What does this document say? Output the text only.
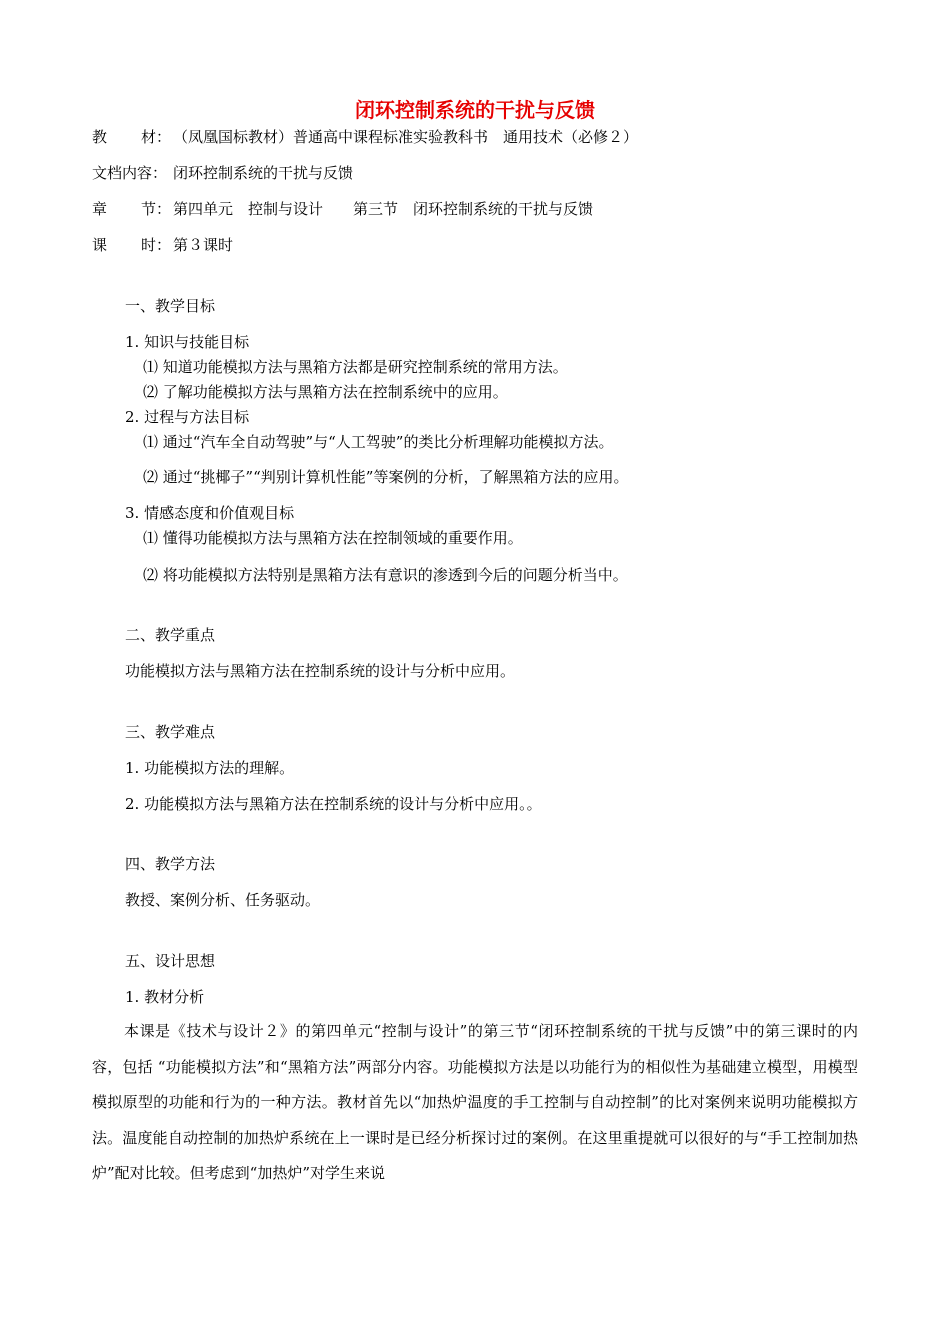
闭环控制系统的干扰与反馈
教 材： （凤凰国标教材）普通高中课程标准实验教科书　通用技术（必修２）
文档内容： 闭环控制系统的干扰与反馈
章 节： 第四单元　控制与设计　　第三节　闭环控制系统的干扰与反馈
课 时： 第３课时
一、教学目标
1. 知识与技能目标
⑴ 知道功能模拟方法与黑箱方法都是研究控制系统的常用方法。
⑵ 了解功能模拟方法与黑箱方法在控制系统中的应用。
2. 过程与方法目标
⑴ 通过“汽车全自动驾驶”与“人工驾驶”的类比分析理解功能模拟方法。
⑵ 通过“挑椰子”“判别计算机性能”等案例的分析，了解黑箱方法的应用。
3. 情感态度和价值观目标
⑴ 懂得功能模拟方法与黑箱方法在控制领域的重要作用。
⑵ 将功能模拟方法特别是黑箱方法有意识的渗透到今后的问题分析当中。
二、教学重点
功能模拟方法与黑箱方法在控制系统的设计与分析中应用。
三、教学难点
1. 功能模拟方法的理解。
2. 功能模拟方法与黑箱方法在控制系统的设计与分析中应用。。
四、教学方法
教授、案例分析、任务驱动。
五、设计思想
1. 教材分析
本课是《技术与设计２》的第四单元“控制与设计”的第三节“闭环控制系统的干扰与反馈”中的第三课时的内容，包括 “功能模拟方法”和“黑箱方法”两部分内容。功能模拟方法是以功能行为的相似性为基础建立模型，用模型模拟原型的功能和行为的一种方法。教材首先以“加热炉温度的手工控制与自动控制”的比对案例来说明功能模拟方法。温度能自动控制的加热炉系统在上一课时是已经分析探讨过的案例。在这里重提就可以很好的与“手工控制加热炉”配对比较。但考虑到“加热炉”对学生来说
